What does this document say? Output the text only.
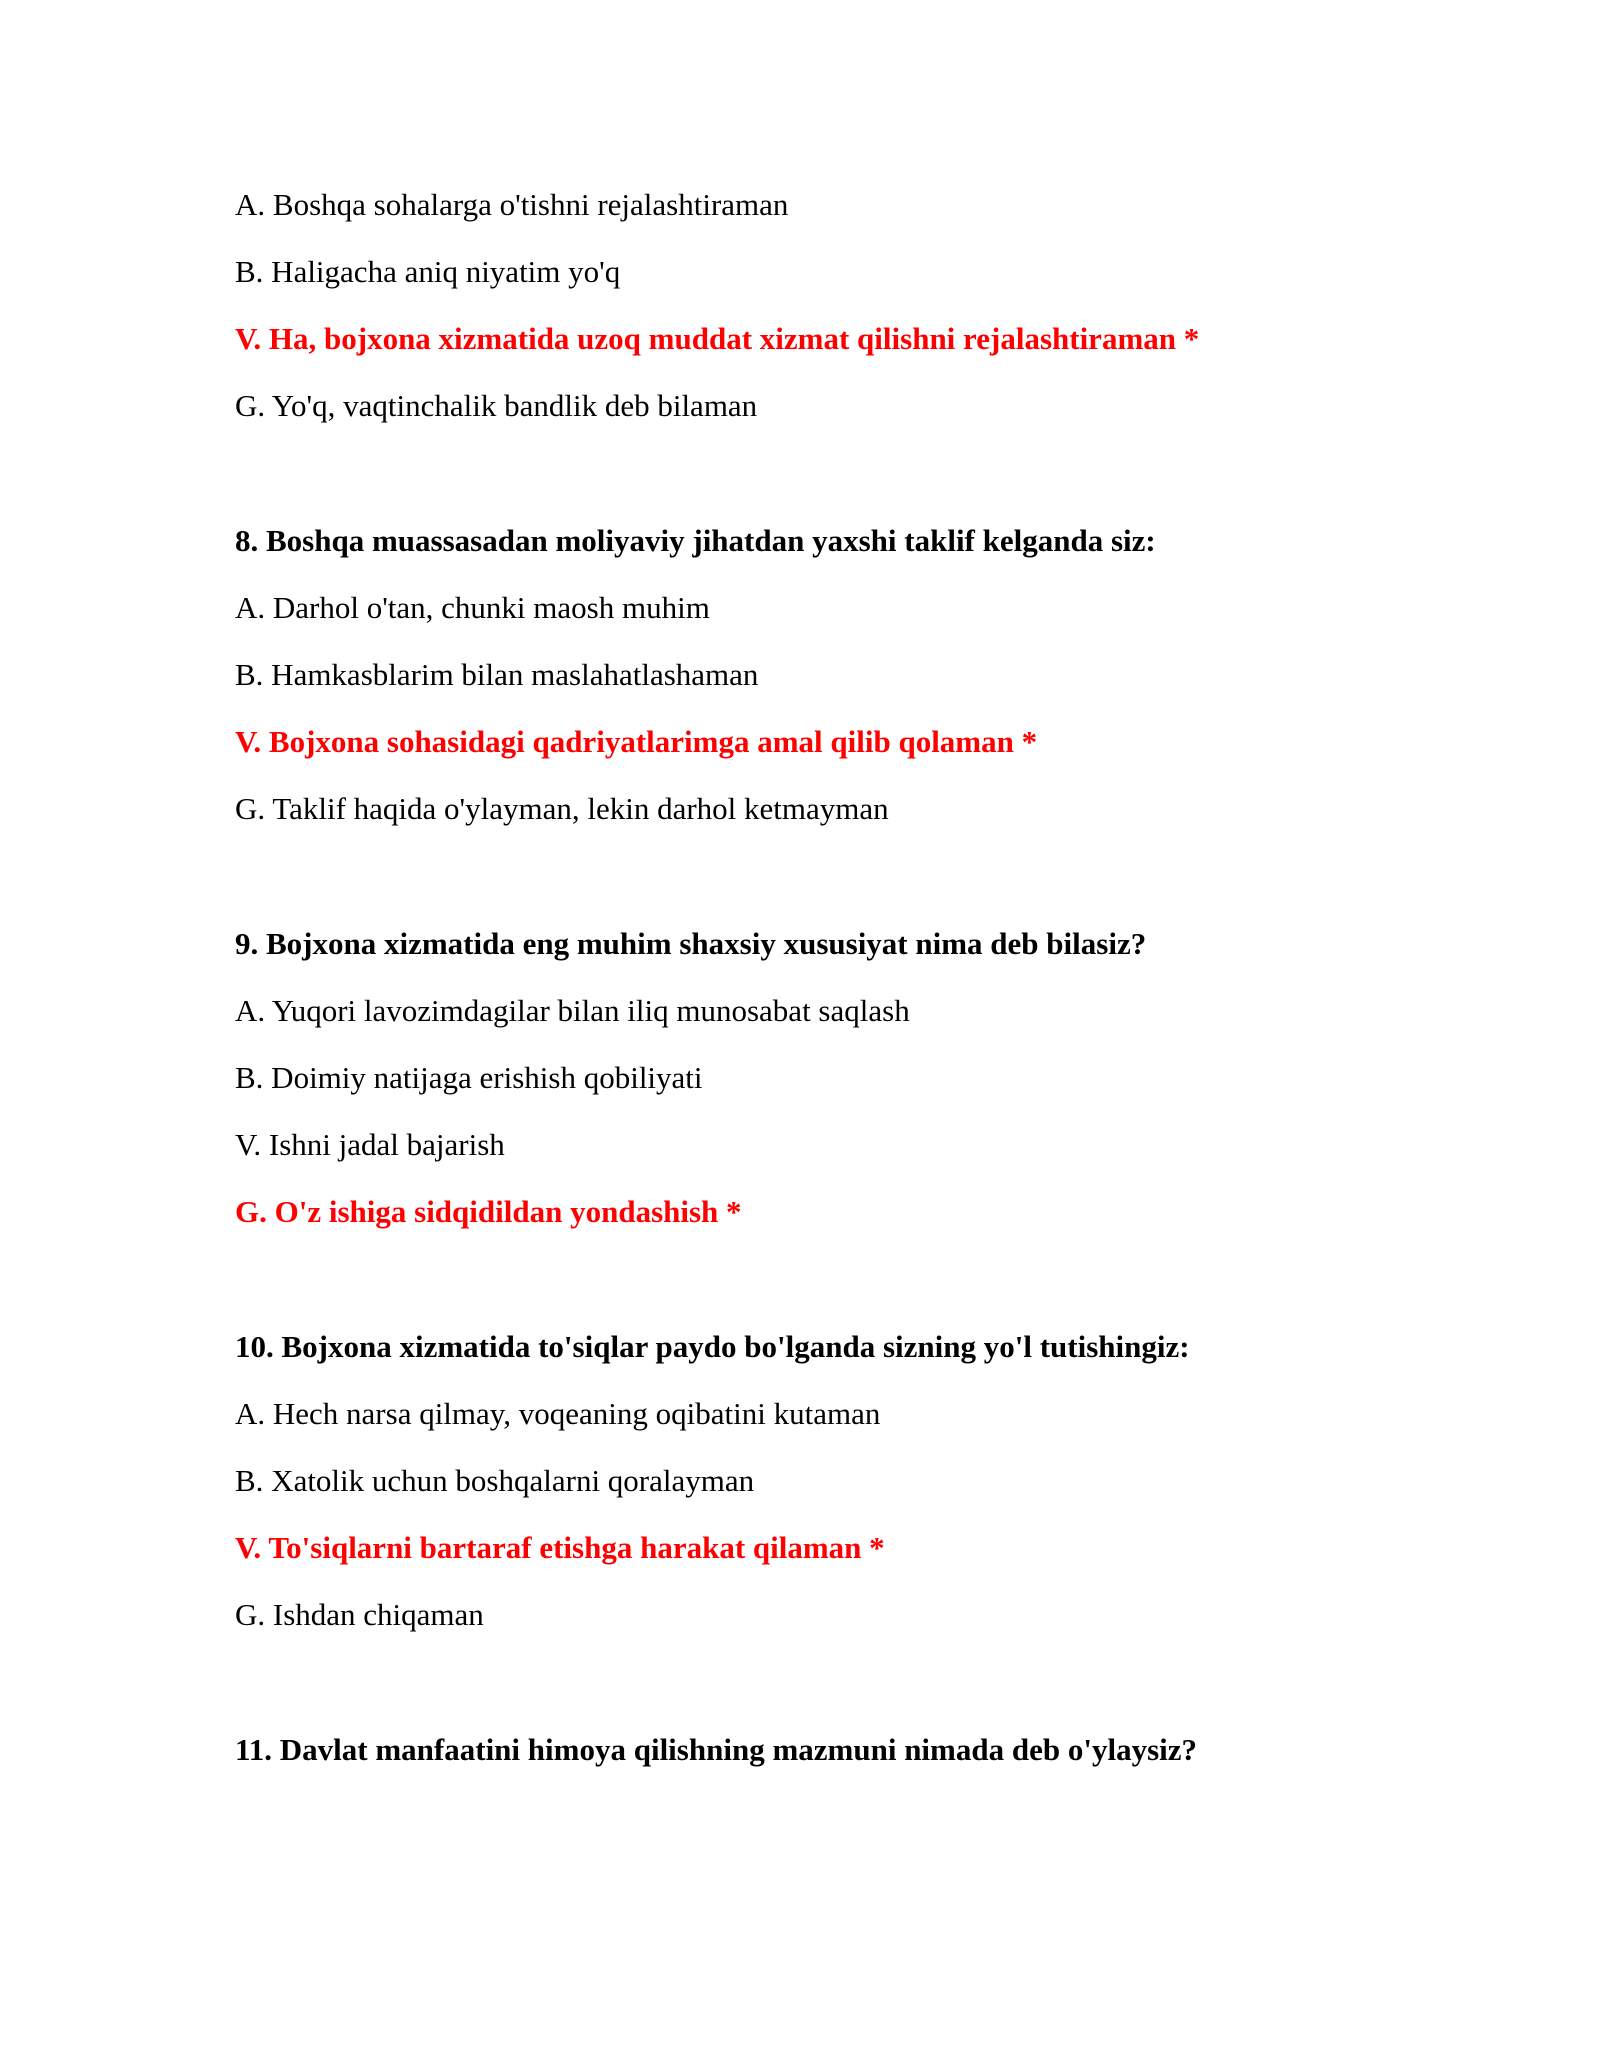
A. Boshqa sohalarga o'tishni rejalashtiraman

B. Haligacha aniq niyatim yo'q

V. Ha, bojxona xizmatida uzoq muddat xizmat qilishni rejalashtiraman *

G. Yo'q, vaqtinchalik bandlik deb bilaman

8. Boshqa muassasadan moliyaviy jihatdan yaxshi taklif kelganda siz:

A. Darhol o'tan, chunki maosh muhim

B. Hamkasblarim bilan maslahatlashaman

V. Bojxona sohasidagi qadriyatlarimga amal qilib qolaman *

G. Taklif haqida o'ylayman, lekin darhol ketmayman

9. Bojxona xizmatida eng muhim shaxsiy xususiyat nima deb bilasiz?

A. Yuqori lavozimdagilar bilan iliq munosabat saqlash

B. Doimiy natijaga erishish qobiliyati

V. Ishni jadal bajarish

G. O'z ishiga sidqidildan yondashish *

10. Bojxona xizmatida to'siqlar paydo bo'lganda sizning yo'l tutishingiz:

A. Hech narsa qilmay, voqeaning oqibatini kutaman

B. Xatolik uchun boshqalarni qoralayman

V. To'siqlarni bartaraf etishga harakat qilaman *

G. Ishdan chiqaman

11. Davlat manfaatini himoya qilishning mazmuni nimada deb o'ylaysiz?
